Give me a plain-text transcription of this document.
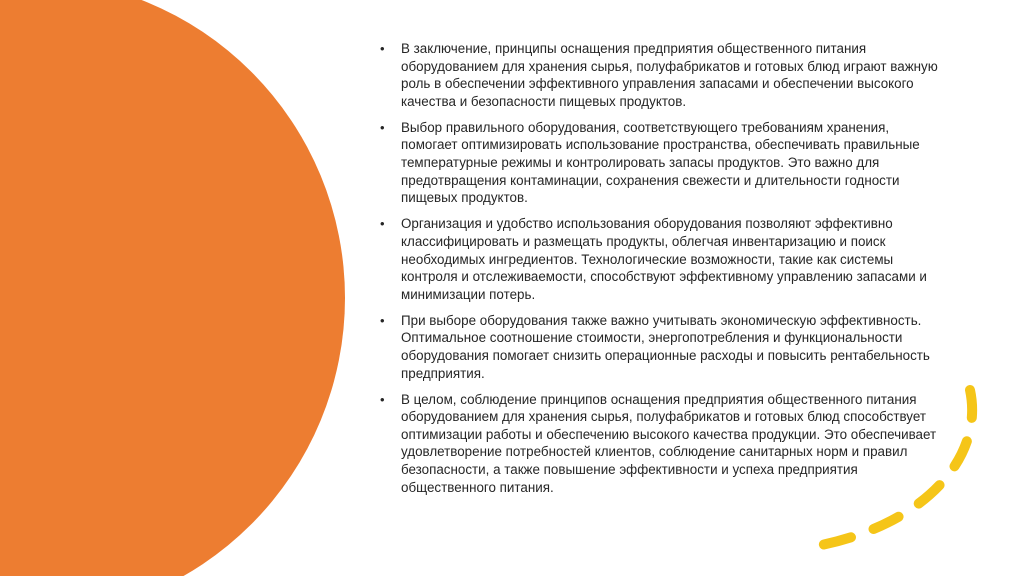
• В заключение, принципы оснащения предприятия общественного питания оборудованием для хранения сырья, полуфабрикатов и готовых блюд играют важную роль в обеспечении эффективного управления запасами и обеспечении высокого качества и безопасности пищевых продуктов.
• Выбор правильного оборудования, соответствующего требованиям хранения, помогает оптимизировать использование пространства, обеспечивать правильные температурные режимы и контролировать запасы продуктов. Это важно для предотвращения контаминации, сохранения свежести и длительности годности пищевых продуктов.
• Организация и удобство использования оборудования позволяют эффективно классифицировать и размещать продукты, облегчая инвентаризацию и поиск необходимых ингредиентов. Технологические возможности, такие как системы контроля и отслеживаемости, способствуют эффективному управлению запасами и минимизации потерь.
• При выборе оборудования также важно учитывать экономическую эффективность. Оптимальное соотношение стоимости, энергопотребления и функциональности оборудования помогает снизить операционные расходы и повысить рентабельность предприятия.
• В целом, соблюдение принципов оснащения предприятия общественного питания оборудованием для хранения сырья, полуфабрикатов и готовых блюд способствует оптимизации работы и обеспечению высокого качества продукции. Это обеспечивает удовлетворение потребностей клиентов, соблюдение санитарных норм и правил безопасности, а также повышение эффективности и успеха предприятия общественного питания.
